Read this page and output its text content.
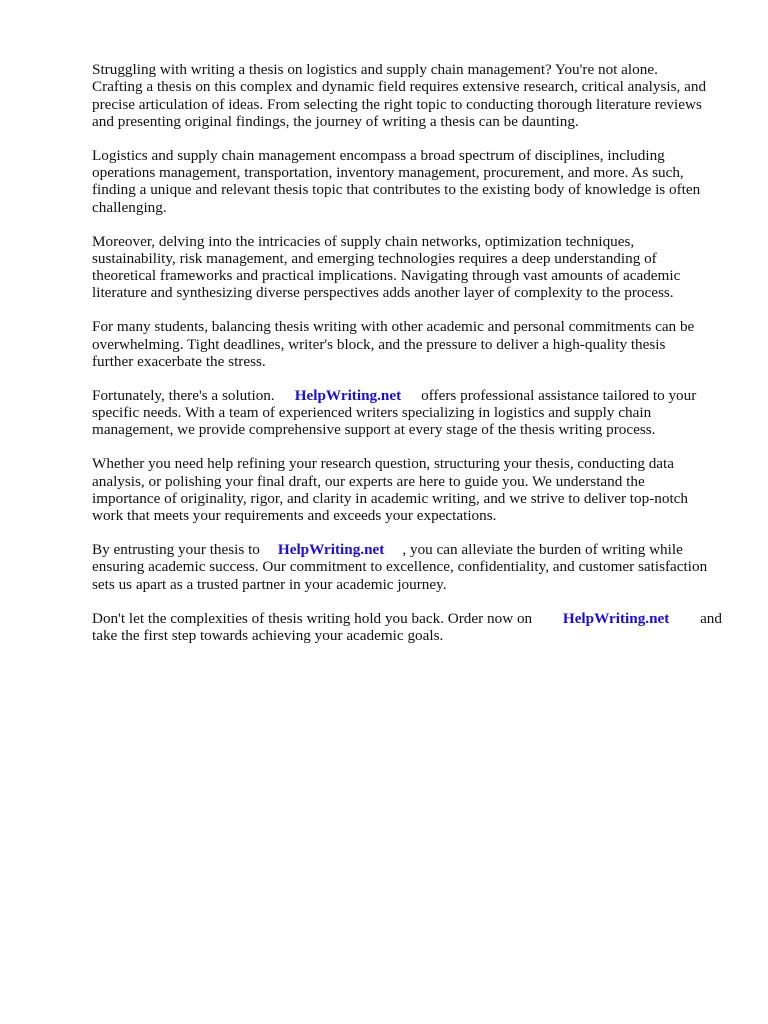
Struggling with writing a thesis on logistics and supply chain management? You're not alone.
Crafting a thesis on this complex and dynamic field requires extensive research, critical analysis, and
precise articulation of ideas. From selecting the right topic to conducting thorough literature reviews
and presenting original findings, the journey of writing a thesis can be daunting.

Logistics and supply chain management encompass a broad spectrum of disciplines, including
operations management, transportation, inventory management, procurement, and more. As such,
finding a unique and relevant thesis topic that contributes to the existing body of knowledge is often
challenging.

Moreover, delving into the intricacies of supply chain networks, optimization techniques,
sustainability, risk management, and emerging technologies requires a deep understanding of
theoretical frameworks and practical implications. Navigating through vast amounts of academic
literature and synthesizing diverse perspectives adds another layer of complexity to the process.

For many students, balancing thesis writing with other academic and personal commitments can be
overwhelming. Tight deadlines, writer's block, and the pressure to deliver a high-quality thesis
further exacerbate the stress.

Fortunately, there's a solution. HelpWriting.net offers professional assistance tailored to your
specific needs. With a team of experienced writers specializing in logistics and supply chain
management, we provide comprehensive support at every stage of the thesis writing process.

Whether you need help refining your research question, structuring your thesis, conducting data
analysis, or polishing your final draft, our experts are here to guide you. We understand the
importance of originality, rigor, and clarity in academic writing, and we strive to deliver top-notch
work that meets your requirements and exceeds your expectations.

By entrusting your thesis to HelpWriting.net , you can alleviate the burden of writing while
ensuring academic success. Our commitment to excellence, confidentiality, and customer satisfaction
sets us apart as a trusted partner in your academic journey.

Don't let the complexities of thesis writing hold you back. Order now on HelpWriting.net and
take the first step towards achieving your academic goals.
